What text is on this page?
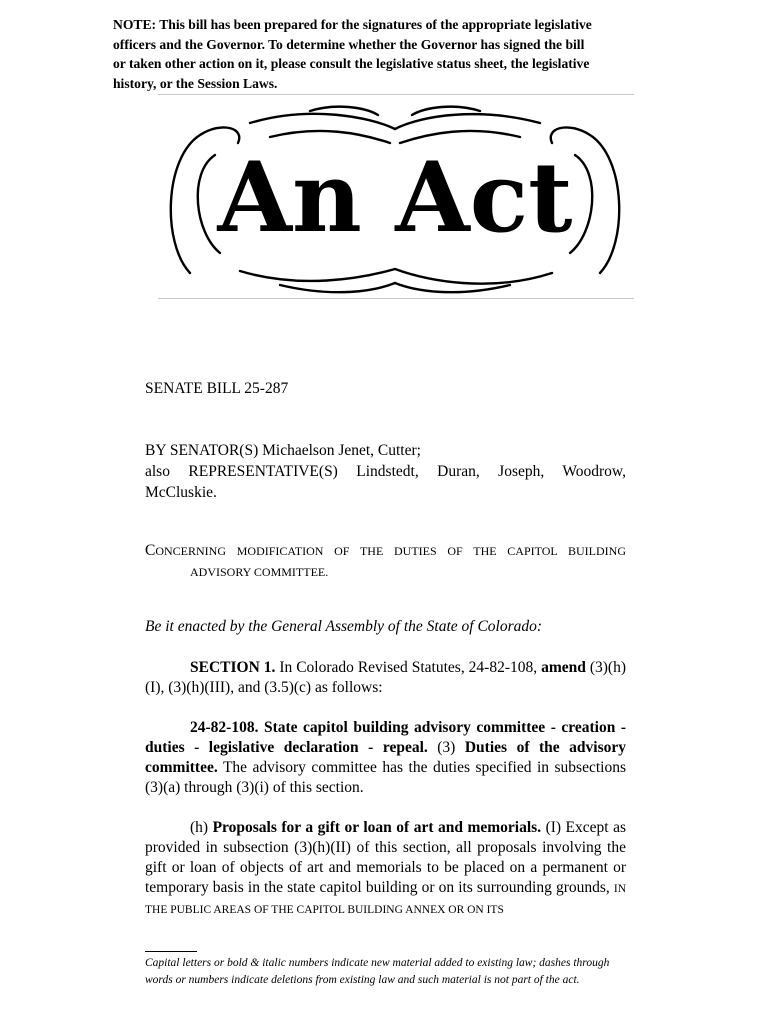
NOTE: This bill has been prepared for the signatures of the appropriate legislative
officers and the Governor. To determine whether the Governor has signed the bill
or taken other action on it, please consult the legislative status sheet, the legislative
history, or the Session Laws.
An Act
SENATE BILL 25-287
BY SENATOR(S) Michaelson Jenet, Cutter;
also REPRESENTATIVE(S) Lindstedt, Duran, Joseph, Woodrow,
McCluskie.
CONCERNING MODIFICATION OF THE DUTIES OF THE CAPITOL BUILDING
ADVISORY COMMITTEE.
Be it enacted by the General Assembly of the State of Colorado:
SECTION 1. In Colorado Revised Statutes, 24-82-108, amend (3)(h)(I), (3)(h)(III), and (3.5)(c) as follows:
24-82-108. State capitol building advisory committee - creation - duties - legislative declaration - repeal. (3) Duties of the advisory committee. The advisory committee has the duties specified in subsections (3)(a) through (3)(i) of this section.
(h) Proposals for a gift or loan of art and memorials. (I) Except as provided in subsection (3)(h)(II) of this section, all proposals involving the gift or loan of objects of art and memorials to be placed on a permanent or temporary basis in the state capitol building or on its surrounding grounds, IN THE PUBLIC AREAS OF THE CAPITOL BUILDING ANNEX OR ON ITS
Capital letters or bold & italic numbers indicate new material added to existing law; dashes through words or numbers indicate deletions from existing law and such material is not part of the act.
